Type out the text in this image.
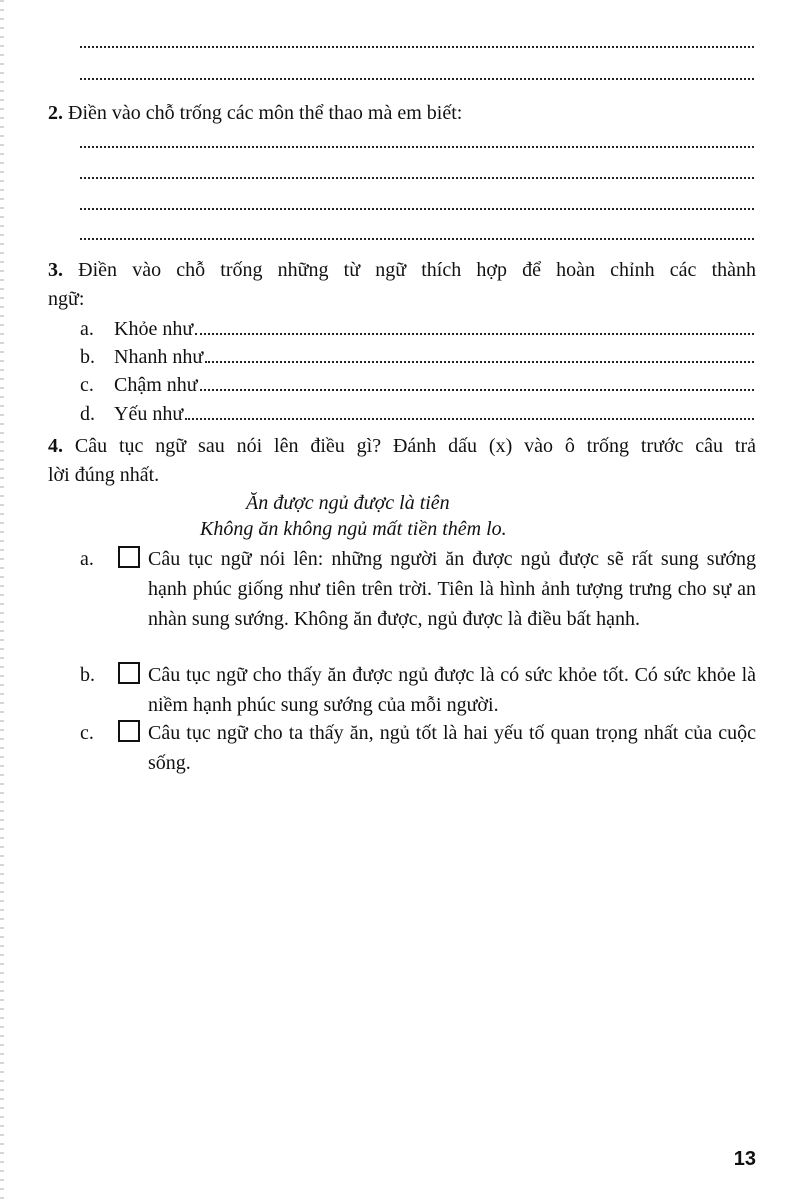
2. Điền vào chỗ trống các môn thể thao mà em biết:
3. Điền vào chỗ trống những từ ngữ thích hợp để hoàn chỉnh các thành
ngữ:
a.	Khỏe như
b. Nhanh như
c.	Chậm như
d. Yếu như
4. Câu tục ngữ sau nói lên điều gì? Đánh dấu (x) vào ô trống trước câu trả
lời đúng nhất.
Ăn được ngủ được là tiên
Không ăn không ngủ mất tiền thêm lo.
a.	Câu tục ngữ nói lên: những người ăn được ngủ được sẽ rất sung sướng hạnh phúc giống như tiên trên trời. Tiên là hình ảnh tượng trưng cho sự an nhàn sung sướng. Không ăn được, ngủ được là điều bất hạnh.
b.	Câu tục ngữ cho thấy ăn được ngủ được là có sức khỏe tốt. Có sức khỏe là niềm hạnh phúc sung sướng của mỗi người.
c.	Câu tục ngữ cho ta thấy ăn, ngủ tốt là hai yếu tố quan trọng nhất của cuộc sống.
13
